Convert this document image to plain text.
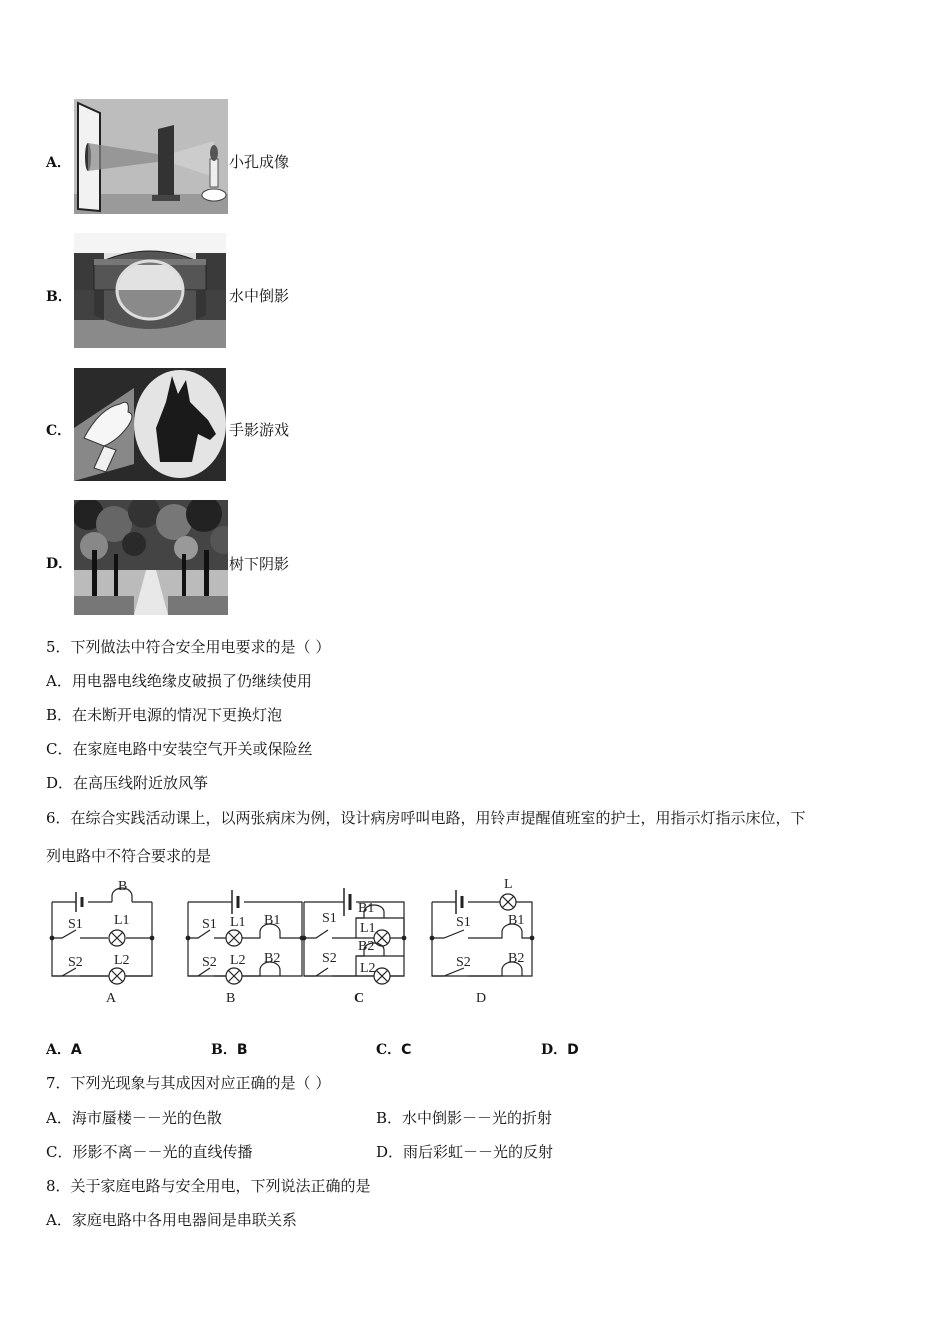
A．	小孔成像
B．	水中倒影
C．	手影游戏
D．	树下阴影
5．下列做法中符合安全用电要求的是（ ）
A．用电器电线绝缘皮破损了仍继续使用
B．在未断开电源的情况下更换灯泡
C．在家庭电路中安装空气开关或保险丝
D．在高压线附近放风筝
6．在综合实践活动课上，以两张病床为例，设计病房呼叫电路，用铃声提醒值班室的护士，用指示灯指示床位，下
列电路中不符合要求的是
B
S1 L1
S2 L2
S1 L1 B1
S2 L2 B2
S1
B1
L1
S2
B2
L2
L
S1	B1
S2	B2
A	B	C	D
A．A	B．B	C．C	D．D
7．下列光现象与其成因对应正确的是（ ）
A．海市蜃楼－－光的色散	B．水中倒影－－光的折射
C．形影不离－－光的直线传播	D．雨后彩虹－－光的反射
8．关于家庭电路与安全用电，下列说法正确的是
A．家庭电路中各用电器间是串联关系
